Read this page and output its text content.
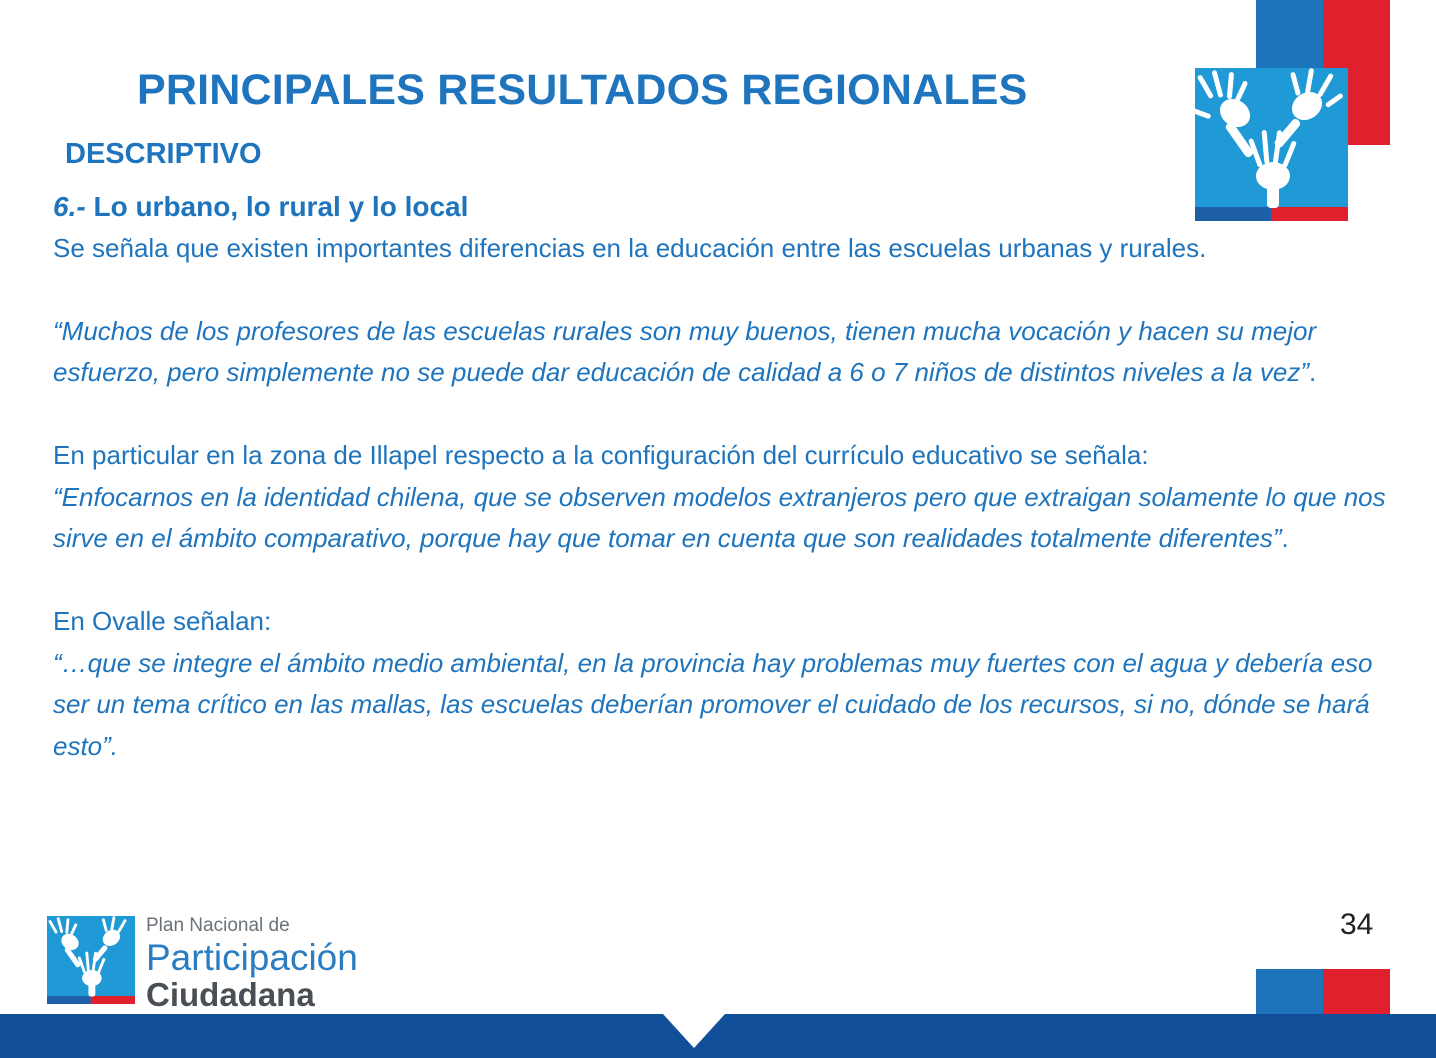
PRINCIPALES RESULTADOS REGIONALES
DESCRIPTIVO

6.- Lo urbano, lo rural y lo local

Se señala que existen importantes diferencias en la educación entre las escuelas urbanas y rurales.

“Muchos de los profesores de las escuelas rurales son muy buenos, tienen mucha vocación y hacen su mejor esfuerzo, pero simplemente no se puede dar educación de calidad a 6 o 7 niños de distintos niveles a la vez”.

En particular en la zona de Illapel respecto a la configuración del currículo educativo se señala:

“Enfocarnos en la identidad chilena, que se observen modelos extranjeros pero que extraigan solamente lo que nos sirve en el ámbito comparativo, porque hay que tomar en cuenta que son realidades totalmente diferentes”.

En Ovalle señalan:

“…que se integre el ámbito medio ambiental, en la provincia hay problemas muy fuertes con el agua y debería eso ser un tema crítico en las mallas, las escuelas deberían promover el cuidado de los recursos, si no, dónde se hará esto”.

34
Plan Nacional de
Participación
Ciudadana
